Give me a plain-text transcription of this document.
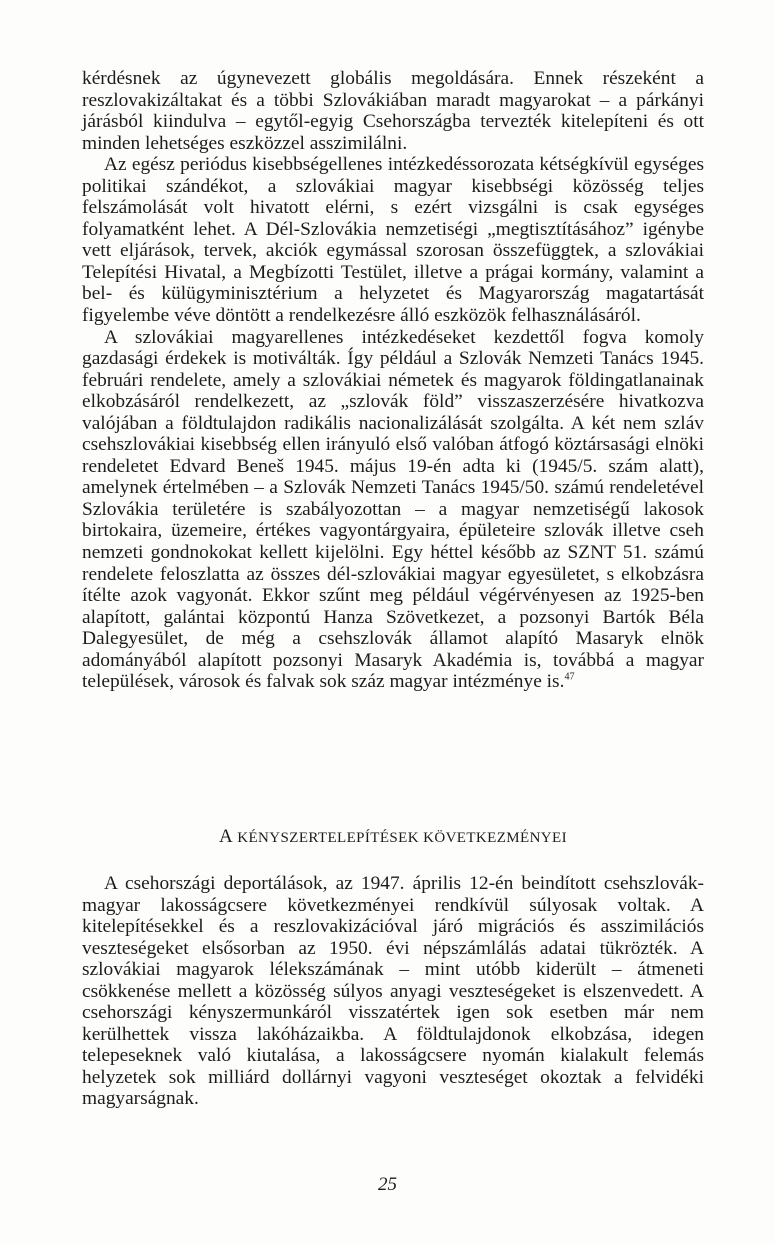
kérdésnek az úgynevezett globális megoldására. Ennek részeként a reszlovakizáltakat és a többi Szlovákiában maradt magyarokat – a párkányi járásból kiindulva – egytől-egyig Csehországba tervezték kitelepíteni és ott minden lehetséges eszközzel asszimilálni.

Az egész periódus kisebbségellenes intézkedéssorozata kétségkívül egységes politikai szándékot, a szlovákiai magyar kisebbségi közösség teljes felszámolását volt hivatott elérni, s ezért vizsgálni is csak egységes folyamatként lehet. A Dél-Szlovákia nemzetiségi „megtisztításához” igénybe vett eljárások, tervek, akciók egymással szorosan összefüggtek, a szlovákiai Telepítési Hivatal, a Megbízotti Testület, illetve a prágai kormány, valamint a bel- és külügyminisztérium a helyzetet és Magyarország magatartását figyelembe véve döntött a rendelkezésre álló eszközök felhasználásáról.

A szlovákiai magyarellenes intézkedéseket kezdettől fogva komoly gazdasági érdekek is motiválták. Így például a Szlovák Nemzeti Tanács 1945. februári rendelete, amely a szlovákiai németek és magyarok földingatlanainak elkobzásáról rendelkezett, az „szlovák föld” visszaszerzésére hivatkozva valójában a földtulajdon radikális nacionalizálását szolgálta. A két nem szláv csehszlovákiai kisebbség ellen irányuló első valóban átfogó köztársasági elnöki rendeletet Edvard Beneš 1945. május 19-én adta ki (1945/5. szám alatt), amelynek értelmében – a Szlovák Nemzeti Tanács 1945/50. számú rendeletével Szlovákia területére is szabályozottan – a magyar nemzetiségű lakosok birtokaira, üzemeire, értékes vagyontárgyaira, épületeire szlovák illetve cseh nemzeti gondnokokat kellett kijelölni. Egy héttel később az SZNT 51. számú rendelete feloszlatta az összes dél-szlovákiai magyar egyesületet, s elkobzásra ítélte azok vagyonát. Ekkor szűnt meg például végérvényesen az 1925-ben alapított, galántai központú Hanza Szövetkezet, a pozsonyi Bartók Béla Dalegyesület, de még a csehszlovák államot alapító Masaryk elnök adományából alapított pozsonyi Masaryk Akadémia is, továbbá a magyar települések, városok és falvak sok száz magyar intézménye is.$^{47}$

A KÉNYSZERTELEPÍTÉSEK KÖVETKEZMÉNYEI

A csehországi deportálások, az 1947. április 12-én beindított csehszlovák-magyar lakosságcsere következményei rendkívül súlyosak voltak. A kitelepítésekkel és a reszlovakizációval járó migrációs és asszimilációs veszteségeket elsősorban az 1950. évi népszámlálás adatai tükrözték. A szlovákiai magyarok lélekszámának – mint utóbb kiderült – átmeneti csökkenése mellett a közösség súlyos anyagi veszteségeket is elszenvedett. A csehországi kényszermunkáról visszatértek igen sok esetben már nem kerülhettek vissza lakóházaikba. A földtulajdonok elkobzása, idegen telepeseknek való kiutalása, a lakosságcsere nyomán kialakult felemás helyzetek sok milliárd dollárnyi vagyoni veszteséget okoztak a felvidéki magyarságnak.

25
